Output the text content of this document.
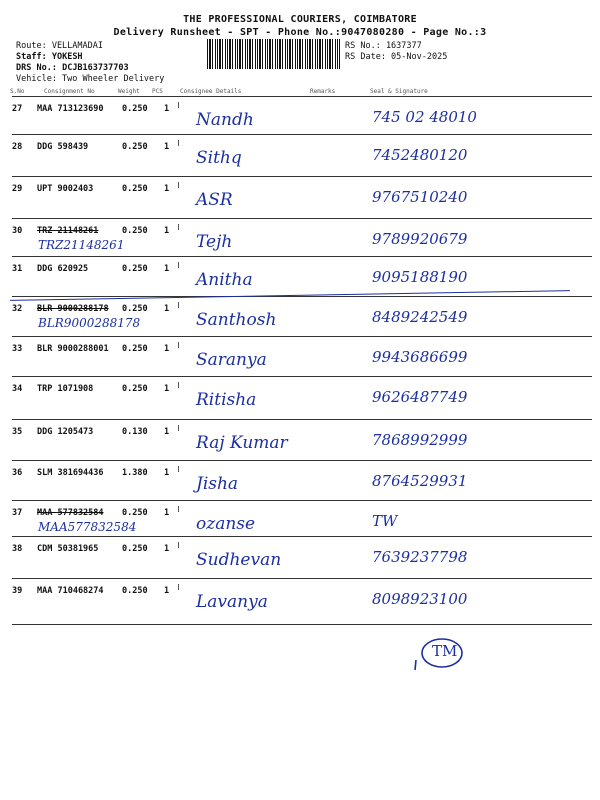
THE PROFESSIONAL COURIERS, COIMBATORE
Delivery Runsheet - SPT - Phone No.:9047080280 - Page No.:3
Route: VELLAMADAI
Staff: YOKESH
DRS No.: DCJB163737703
Vehicle: Two Wheeler Delivery
RS No.: 1637377
RS Date: 05-Nov-2025
S.No	Consignment No	Weight PCS	Consignee Details	Remarks	Seal & Signature
27 MAA 713123690 0.250 1
Nandh	745 02 48010
28 DDG 598439	0.250 1
Sithq	7452480120
29 UPT 9002403	0.250 1
ASR	9767510240
30 TRZ 21148261	0.250 1
TRZ21148261	Tejh	9789920679
31 DDG 620925	0.250 1
Anitha	9095188190
32 BLR 9000288178 0.250 1
BLR9000288178	Santhosh	8489242549
33 BLR 9000288001 0.250 1
Saranya	9943686699
34 TRP 1071908	0.250 1
Ritisha	9626487749
35 DDG 1205473	0.130 1
Raj Kumar	7868992999
36 SLM 381694436 1.380 1
Jisha	8764529931
37 MAA 577832584 0.250 1
MAA577832584	ozanse	TW
38 CDM 50381965	0.250 1
Sudhevan	7639237798
39 MAA 710468274 0.250 1
Lavanya	8098923100
TM
